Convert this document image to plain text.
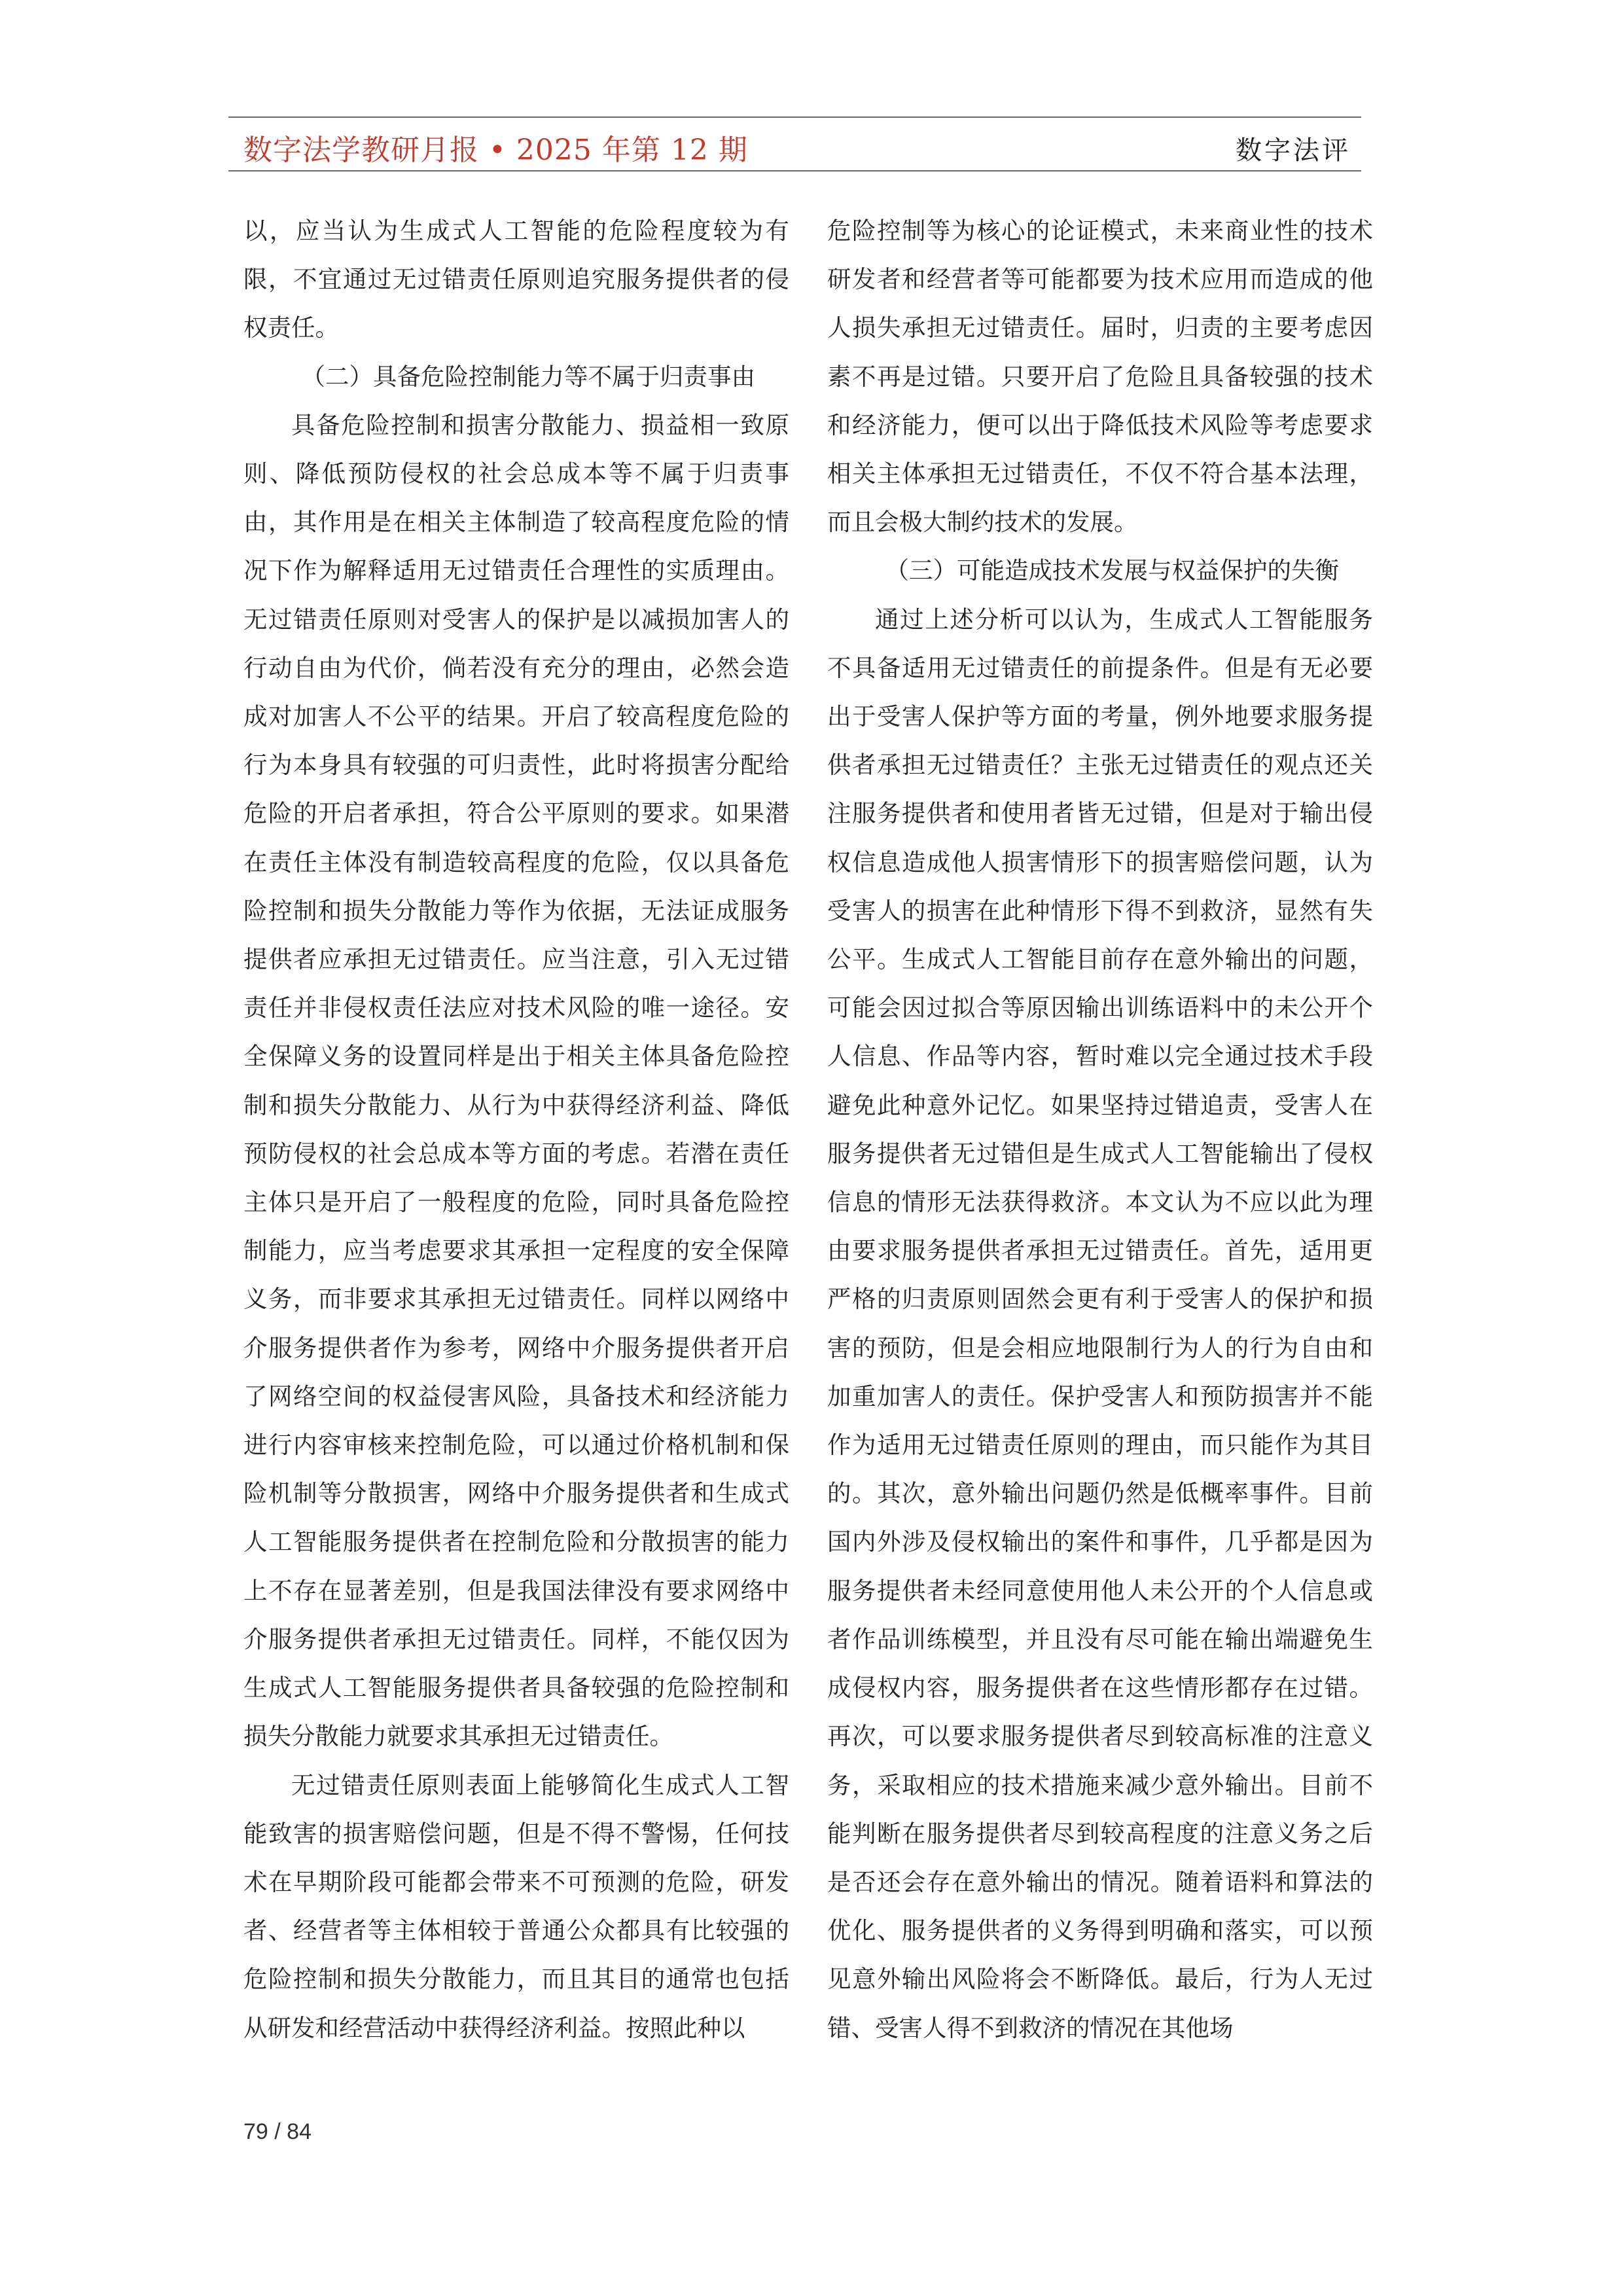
数字法学教研月报 • 2025 年第 12 期	数字法评

以，应当认为生成式人工智能的危险程度较为有限，不宜通过无过错责任原则追究服务提供者的侵权责任。

（二）具备危险控制能力等不属于归责事由

具备危险控制和损害分散能力、损益相一致原则、降低预防侵权的社会总成本等不属于归责事由，其作用是在相关主体制造了较高程度危险的情况下作为解释适用无过错责任合理性的实质理由。无过错责任原则对受害人的保护是以减损加害人的行动自由为代价，倘若没有充分的理由，必然会造成对加害人不公平的结果。开启了较高程度危险的行为本身具有较强的可归责性，此时将损害分配给危险的开启者承担，符合公平原则的要求。如果潜在责任主体没有制造较高程度的危险，仅以具备危险控制和损失分散能力等作为依据，无法证成服务提供者应承担无过错责任。应当注意，引入无过错责任并非侵权责任法应对技术风险的唯一途径。安全保障义务的设置同样是出于相关主体具备危险控制和损失分散能力、从行为中获得经济利益、降低预防侵权的社会总成本等方面的考虑。若潜在责任主体只是开启了一般程度的危险，同时具备危险控制能力，应当考虑要求其承担一定程度的安全保障义务，而非要求其承担无过错责任。同样以网络中介服务提供者作为参考，网络中介服务提供者开启了网络空间的权益侵害风险，具备技术和经济能力进行内容审核来控制危险，可以通过价格机制和保险机制等分散损害，网络中介服务提供者和生成式人工智能服务提供者在控制危险和分散损害的能力上不存在显著差别，但是我国法律没有要求网络中介服务提供者承担无过错责任。同样，不能仅因为生成式人工智能服务提供者具备较强的危险控制和损失分散能力就要求其承担无过错责任。

无过错责任原则表面上能够简化生成式人工智能致害的损害赔偿问题，但是不得不警惕，任何技术在早期阶段可能都会带来不可预测的危险，研发者、经营者等主体相较于普通公众都具有比较强的危险控制和损失分散能力，而且其目的通常也包括从研发和经营活动中获得经济利益。按照此种以

危险控制等为核心的论证模式，未来商业性的技术研发者和经营者等可能都要为技术应用而造成的他人损失承担无过错责任。届时，归责的主要考虑因素不再是过错。只要开启了危险且具备较强的技术和经济能力，便可以出于降低技术风险等考虑要求相关主体承担无过错责任，不仅不符合基本法理，而且会极大制约技术的发展。

（三）可能造成技术发展与权益保护的失衡

通过上述分析可以认为，生成式人工智能服务不具备适用无过错责任的前提条件。但是有无必要出于受害人保护等方面的考量，例外地要求服务提供者承担无过错责任？主张无过错责任的观点还关注服务提供者和使用者皆无过错，但是对于输出侵权信息造成他人损害情形下的损害赔偿问题，认为受害人的损害在此种情形下得不到救济，显然有失公平。生成式人工智能目前存在意外输出的问题，可能会因过拟合等原因输出训练语料中的未公开个人信息、作品等内容，暂时难以完全通过技术手段避免此种意外记忆。如果坚持过错追责，受害人在服务提供者无过错但是生成式人工智能输出了侵权信息的情形无法获得救济。本文认为不应以此为理由要求服务提供者承担无过错责任。首先，适用更严格的归责原则固然会更有利于受害人的保护和损害的预防，但是会相应地限制行为人的行为自由和加重加害人的责任。保护受害人和预防损害并不能作为适用无过错责任原则的理由，而只能作为其目的。其次，意外输出问题仍然是低概率事件。目前国内外涉及侵权输出的案件和事件，几乎都是因为服务提供者未经同意使用他人未公开的个人信息或者作品训练模型，并且没有尽可能在输出端避免生成侵权内容，服务提供者在这些情形都存在过错。再次，可以要求服务提供者尽到较高标准的注意义务，采取相应的技术措施来减少意外输出。目前不能判断在服务提供者尽到较高程度的注意义务之后是否还会存在意外输出的情况。随着语料和算法的优化、服务提供者的义务得到明确和落实，可以预见意外输出风险将会不断降低。最后，行为人无过错、受害人得不到救济的情况在其他场

79 / 84
